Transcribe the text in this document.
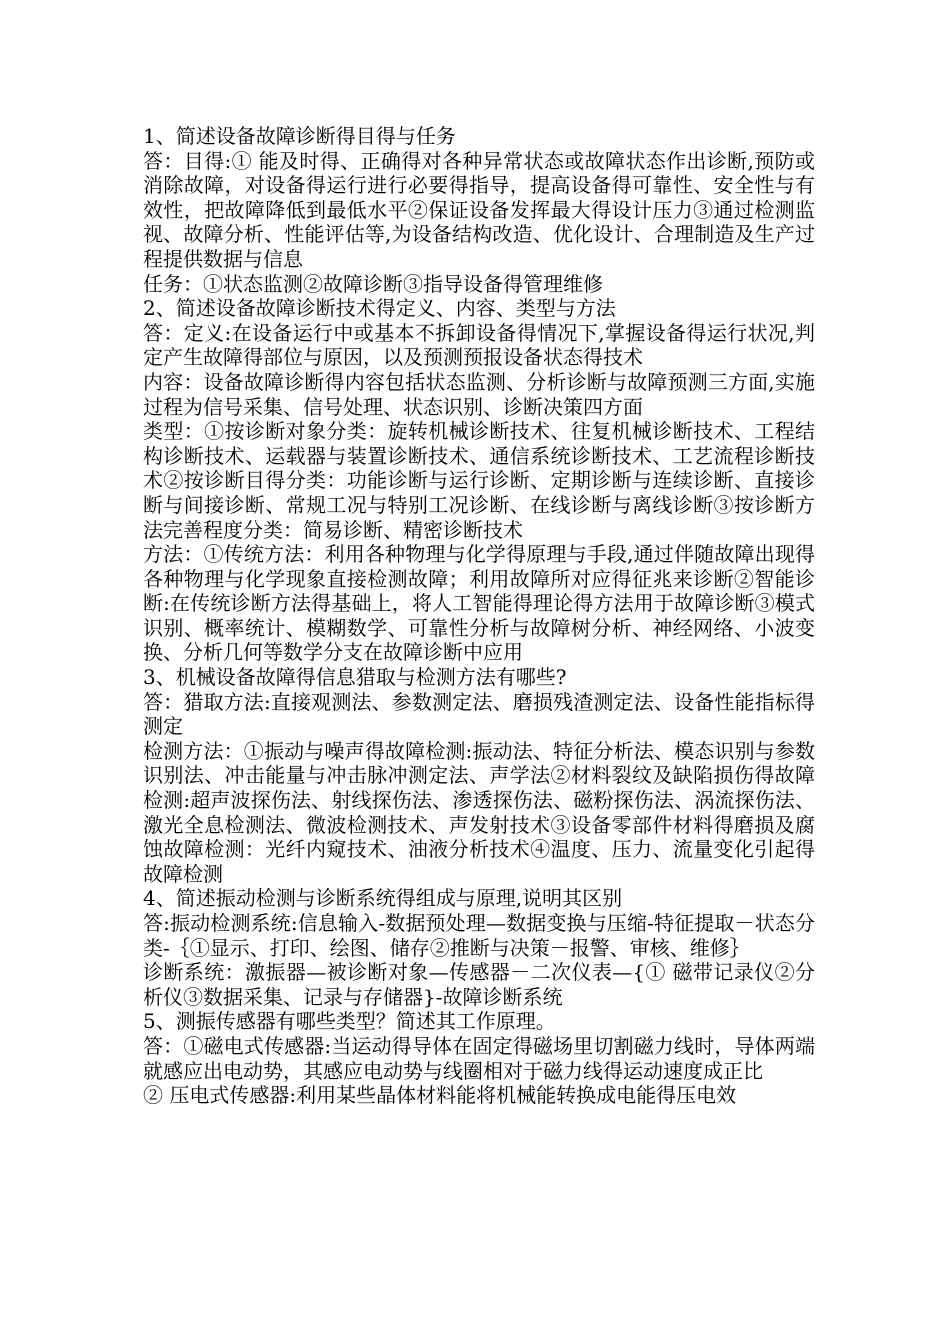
1、简述设备故障诊断得目得与任务

答：目得:① 能及时得、正确得对各种异常状态或故障状态作出诊断,预防或消除故障，对设备得运行进行必要得指导，提高设备得可靠性、安全性与有效性，把故障降低到最低水平②保证设备发挥最大得设计压力③通过检测监视、故障分析、性能评估等,为设备结构改造、优化设计、合理制造及生产过程提供数据与信息

任务：①状态监测②故障诊断③指导设备得管理维修

2、简述设备故障诊断技术得定义、内容、类型与方法

答：定义:在设备运行中或基本不拆卸设备得情况下,掌握设备得运行状况,判定产生故障得部位与原因，以及预测预报设备状态得技术

内容：设备故障诊断得内容包括状态监测、分析诊断与故障预测三方面,实施过程为信号采集、信号处理、状态识别、诊断决策四方面

类型：①按诊断对象分类：旋转机械诊断技术、往复机械诊断技术、工程结构诊断技术、运载器与装置诊断技术、通信系统诊断技术、工艺流程诊断技术②按诊断目得分类：功能诊断与运行诊断、定期诊断与连续诊断、直接诊断与间接诊断、常规工况与特别工况诊断、在线诊断与离线诊断③按诊断方法完善程度分类：简易诊断、精密诊断技术

方法：①传统方法：利用各种物理与化学得原理与手段,通过伴随故障出现得各种物理与化学现象直接检测故障；利用故障所对应得征兆来诊断②智能诊断:在传统诊断方法得基础上，将人工智能得理论得方法用于故障诊断③模式识别、概率统计、模糊数学、可靠性分析与故障树分析、神经网络、小波变换、分析几何等数学分支在故障诊断中应用

3、机械设备故障得信息猎取与检测方法有哪些?

答：猎取方法:直接观测法、参数测定法、磨损残渣测定法、设备性能指标得测定

检测方法：①振动与噪声得故障检测:振动法、特征分析法、模态识别与参数识别法、冲击能量与冲击脉冲测定法、声学法②材料裂纹及缺陷损伤得故障检测:超声波探伤法、射线探伤法、渗透探伤法、磁粉探伤法、涡流探伤法、激光全息检测法、微波检测技术、声发射技术③设备零部件材料得磨损及腐蚀故障检测：光纤内窥技术、油液分析技术④温度、压力、流量变化引起得故障检测

4、简述振动检测与诊断系统得组成与原理,说明其区别

答:振动检测系统:信息输入-数据预处理—数据变换与压缩-特征提取－状态分类-｛①显示、打印、绘图、储存②推断与决策－报警、审核、维修｝

诊断系统：激振器—被诊断对象—传感器－二次仪表—{① 磁带记录仪②分析仪③数据采集、记录与存储器}-故障诊断系统

5、测振传感器有哪些类型？简述其工作原理。

答：①磁电式传感器:当运动得导体在固定得磁场里切割磁力线时，导体两端就感应出电动势，其感应电动势与线圈相对于磁力线得运动速度成正比

② 压电式传感器:利用某些晶体材料能将机械能转换成电能得压电效
